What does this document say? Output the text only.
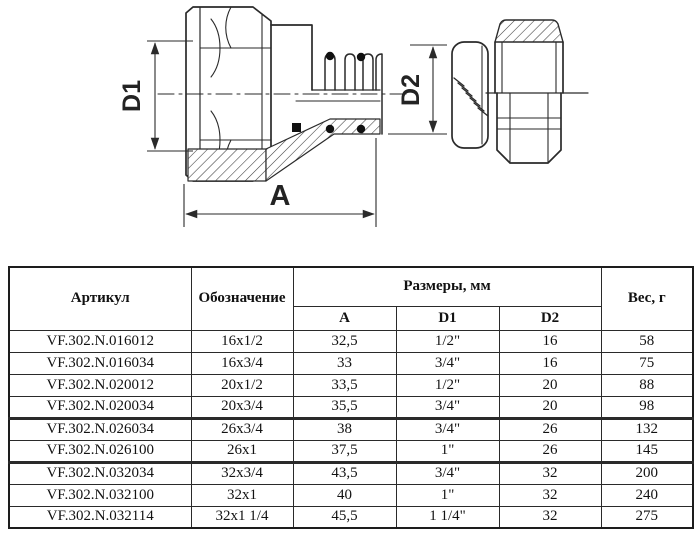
D1	D2
A
Артикул	Обозначение	Размеры, мм			Вес, г
		A	D1	D2	
VF.302.N.016012	16x1/2	32,5	1/2"	16	58
VF.302.N.016034	16x3/4	33	3/4"	16	75
VF.302.N.020012	20x1/2	33,5	1/2"	20	88
VF.302.N.020034	20x3/4	35,5	3/4"	20	98
VF.302.N.026034	26x3/4	38	3/4"	26	132
VF.302.N.026100	26x1	37,5	1"	26	145
VF.302.N.032034	32x3/4	43,5	3/4"	32	200
VF.302.N.032100	32x1	40	1"	32	240
VF.302.N.032114	32x1 1/4	45,5	1 1/4"	32	275
